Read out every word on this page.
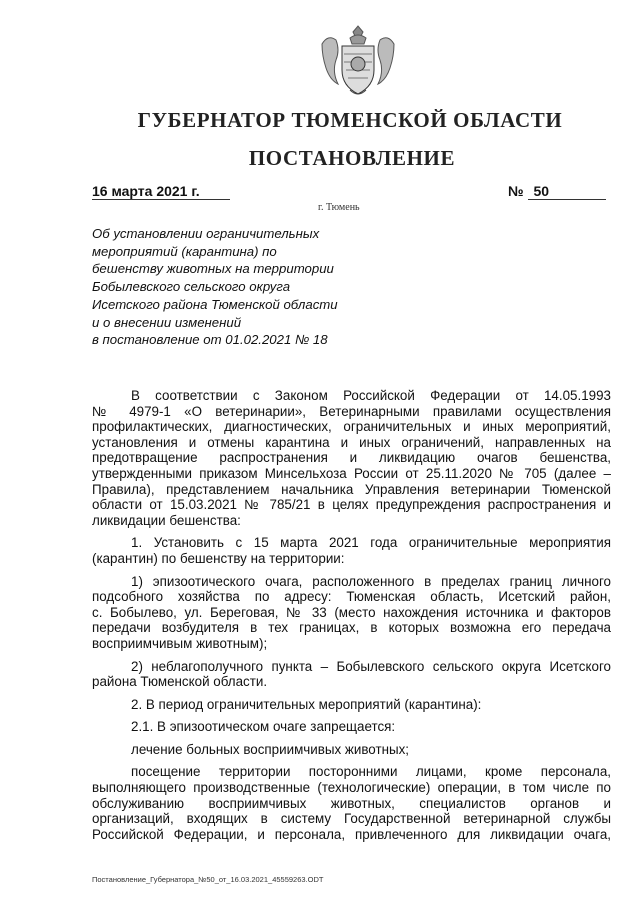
ГУБЕРНАТОР ТЮМЕНСКОЙ ОБЛАСТИ
ПОСТАНОВЛЕНИЕ
16 марта 2021 г.	№ 50
г. Тюмень
Об установлении ограничительных
мероприятий (карантина) по
бешенству животных на территории
Бобылевского сельского округа
Исетского района Тюменской области
и о внесении изменений
в постановление от 01.02.2021 № 18
В соответствии с Законом Российской Федерации от 14.05.1993
№ 4979-1 «О ветеринарии», Ветеринарными правилами осуществления
профилактических, диагностических, ограничительных и иных мероприятий,
установления и отмены карантина и иных ограничений, направленных на
предотвращение распространения и ликвидацию очагов бешенства,
утвержденными приказом Минсельхоза России от 25.11.2020 № 705 (далее –
Правила), представлением начальника Управления ветеринарии Тюменской
области от 15.03.2021 № 785/21 в целях предупреждения распространения и
ликвидации бешенства:
1. Установить с 15 марта 2021 года ограничительные мероприятия
(карантин) по бешенству на территории:
1) эпизоотического очага, расположенного в пределах границ личного
подсобного хозяйства по адресу: Тюменская область, Исетский район,
с. Бобылево, ул. Береговая, № 33 (место нахождения источника и факторов
передачи возбудителя в тех границах, в которых возможна его передача
восприимчивым животным);
2) неблагополучного пункта – Бобылевского сельского округа Исетского
района Тюменской области.
2. В период ограничительных мероприятий (карантина):
2.1. В эпизоотическом очаге запрещается:
лечение больных восприимчивых животных;
посещение территории посторонними лицами, кроме персонала,
выполняющего производственные (технологические) операции, в том числе по
обслуживанию восприимчивых животных, специалистов органов и
организаций, входящих в систему Государственной ветеринарной службы
Российской Федерации, и персонала, привлеченного для ликвидации очага,
Постановление_Губернатора_№50_от_16.03.2021_45559263.ODT
